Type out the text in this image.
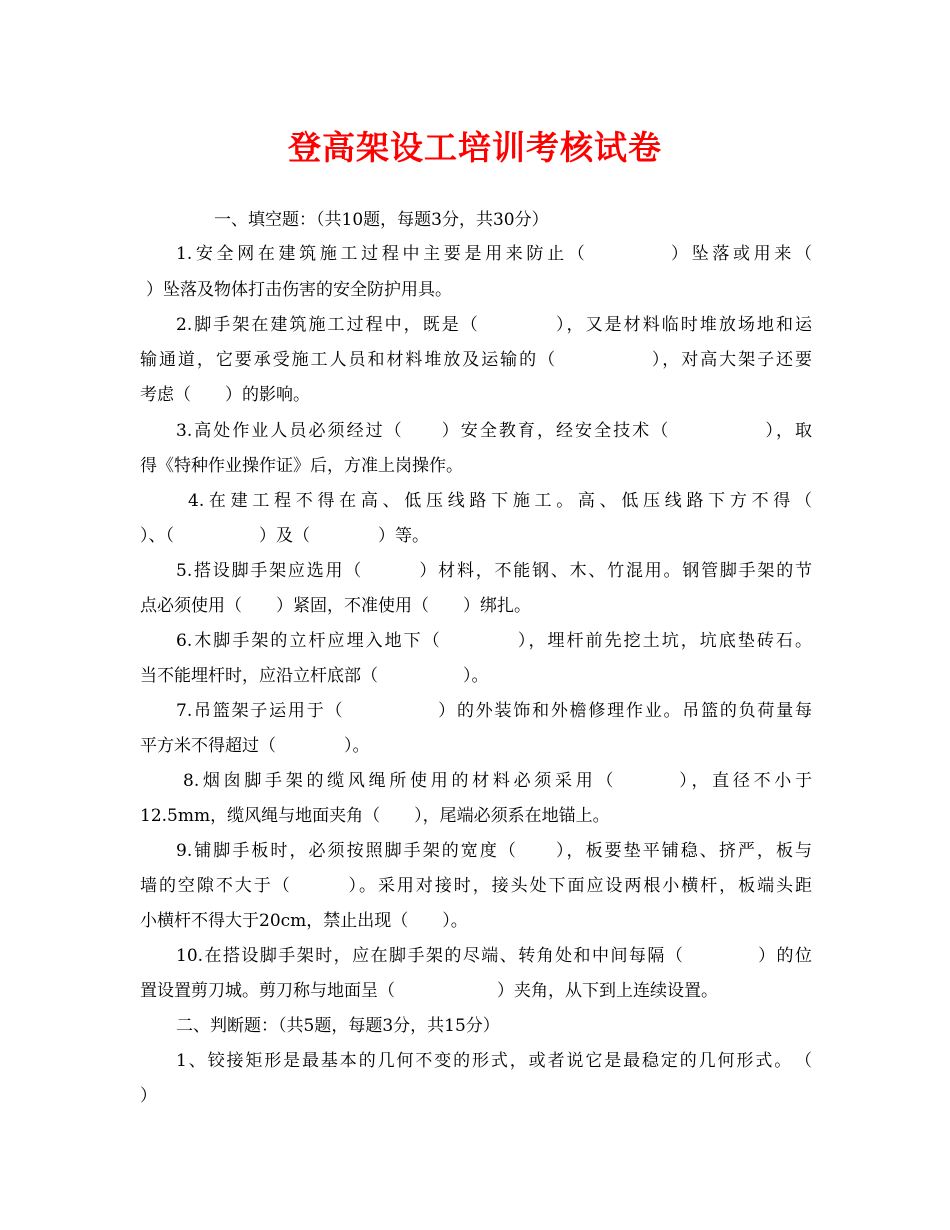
登高架设工培训考核试卷
一、填空题：（共10题，每题3分，共30分）
1.安全网在建筑施工过程中主要是用来防止（　　　　）坠落或用来（
）坠落及物体打击伤害的安全防护用具。
2.脚手架在建筑施工过程中，既是（　　　　），又是材料临时堆放场地和运
输通道，它要承受施工人员和材料堆放及运输的（　　　　　），对高大架子还要
考虑（　　）的影响。
3.高处作业人员必须经过（　　）安全教育，经安全技术（　　　　　），取
得《特种作业操作证》后，方准上岗操作。
4.在建工程不得在高、低压线路下施工。高、低压线路下方不得（
）、（　　　　　）及（　　　　）等。
5.搭设脚手架应选用（　　　）材料，不能钢、木、竹混用。钢管脚手架的节
点必须使用（　　）紧固，不准使用（　　）绑扎。
6.木脚手架的立杆应埋入地下（　　　　），埋杆前先挖土坑，坑底垫砖石。
当不能埋杆时，应沿立杆底部（　　　　　）。
7.吊篮架子运用于（　　　　　）的外装饰和外檐修理作业。吊篮的负荷量每
平方米不得超过（　　　　）。
8.烟囱脚手架的缆风绳所使用的材料必须采用（　　　），直径不小于
12.5mm，缆风绳与地面夹角（　　），尾端必须系在地锚上。
9.铺脚手板时，必须按照脚手架的宽度（　　），板要垫平铺稳、挤严，板与
墙的空隙不大于（　　　）。采用对接时，接头处下面应设两根小横杆，板端头距
小横杆不得大于20cm，禁止出现（　　）。
10.在搭设脚手架时，应在脚手架的尽端、转角处和中间每隔（　　　　）的位
置设置剪刀城。剪刀称与地面呈（　　　　　　）夹角，从下到上连续设置。
二、判断题：（共5题，每题3分，共15分）
1、铰接矩形是最基本的几何不变的形式，或者说它是最稳定的几何形式。　（
）
